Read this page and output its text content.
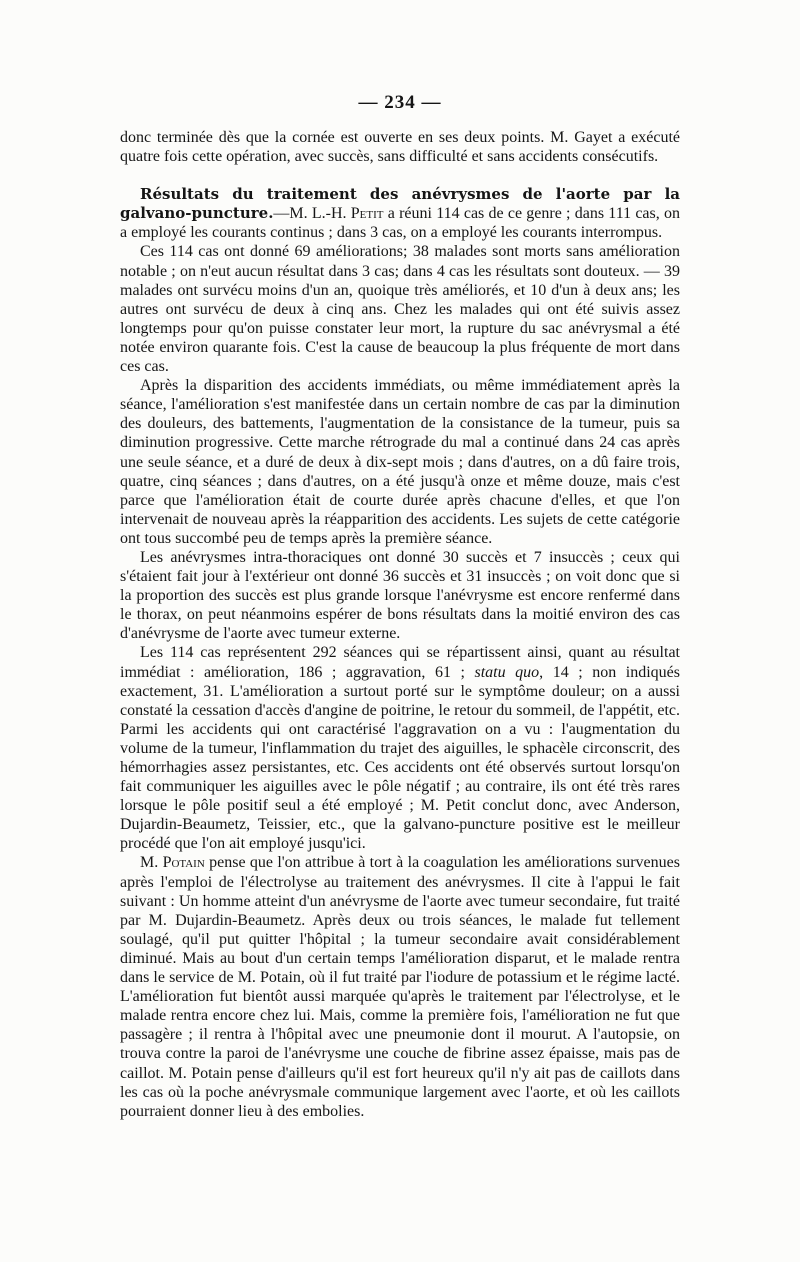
— 234 —

donc terminée dès que la cornée est ouverte en ses deux points. M. Gayet a exécuté quatre fois cette opération, avec succès, sans difficulté et sans accidents consécutifs.

Résultats du traitement des anévrysmes de l'aorte par la galvano-puncture.—M. L.-H. Petit a réuni 114 cas de ce genre ; dans 111 cas, on a employé les courants continus ; dans 3 cas, on a employé les courants interrompus.

Ces 114 cas ont donné 69 améliorations; 38 malades sont morts sans amélioration notable ; on n'eut aucun résultat dans 3 cas; dans 4 cas les résultats sont douteux. — 39 malades ont survécu moins d'un an, quoique très améliorés, et 10 d'un à deux ans; les autres ont survécu de deux à cinq ans. Chez les malades qui ont été suivis assez longtemps pour qu'on puisse constater leur mort, la rupture du sac anévrysmal a été notée environ quarante fois. C'est la cause de beaucoup la plus fréquente de mort dans ces cas.

Après la disparition des accidents immédiats, ou même immédiatement après la séance, l'amélioration s'est manifestée dans un certain nombre de cas par la diminution des douleurs, des battements, l'augmentation de la consistance de la tumeur, puis sa diminution progressive. Cette marche rétrograde du mal a continué dans 24 cas après une seule séance, et a duré de deux à dix-sept mois ; dans d'autres, on a dû faire trois, quatre, cinq séances ; dans d'autres, on a été jusqu'à onze et même douze, mais c'est parce que l'amélioration était de courte durée après chacune d'elles, et que l'on intervenait de nouveau après la réapparition des accidents. Les sujets de cette catégorie ont tous succombé peu de temps après la première séance.

Les anévrysmes intra-thoraciques ont donné 30 succès et 7 insuccès ; ceux qui s'étaient fait jour à l'extérieur ont donné 36 succès et 31 insuccès ; on voit donc que si la proportion des succès est plus grande lorsque l'anévrysme est encore renfermé dans le thorax, on peut néanmoins espérer de bons résultats dans la moitié environ des cas d'anévrysme de l'aorte avec tumeur externe.

Les 114 cas représentent 292 séances qui se répartissent ainsi, quant au résultat immédiat : amélioration, 186 ; aggravation, 61 ; statu quo, 14 ; non indiqués exactement, 31. L'amélioration a surtout porté sur le symptôme douleur; on a aussi constaté la cessation d'accès d'angine de poitrine, le retour du sommeil, de l'appétit, etc. Parmi les accidents qui ont caractérisé l'aggravation on a vu : l'augmentation du volume de la tumeur, l'inflammation du trajet des aiguilles, le sphacèle circonscrit, des hémorrhagies assez persistantes, etc. Ces accidents ont été observés surtout lorsqu'on fait communiquer les aiguilles avec le pôle négatif ; au contraire, ils ont été très rares lorsque le pôle positif seul a été employé ; M. Petit conclut donc, avec Anderson, Dujardin-Beaumetz, Teissier, etc., que la galvano-puncture positive est le meilleur procédé que l'on ait employé jusqu'ici.

M. Potain pense que l'on attribue à tort à la coagulation les améliorations survenues après l'emploi de l'électrolyse au traitement des anévrysmes. Il cite à l'appui le fait suivant : Un homme atteint d'un anévrysme de l'aorte avec tumeur secondaire, fut traité par M. Dujardin-Beaumetz. Après deux ou trois séances, le malade fut tellement soulagé, qu'il put quitter l'hôpital ; la tumeur secondaire avait considérablement diminué. Mais au bout d'un certain temps l'amélioration disparut, et le malade rentra dans le service de M. Potain, où il fut traité par l'iodure de potassium et le régime lacté. L'amélioration fut bientôt aussi marquée qu'après le traitement par l'électrolyse, et le malade rentra encore chez lui. Mais, comme la première fois, l'amélioration ne fut que passagère ; il rentra à l'hôpital avec une pneumonie dont il mourut. A l'autopsie, on trouva contre la paroi de l'anévrysme une couche de fibrine assez épaisse, mais pas de caillot. M. Potain pense d'ailleurs qu'il est fort heureux qu'il n'y ait pas de caillots dans les cas où la poche anévrysmale communique largement avec l'aorte, et où les caillots pourraient donner lieu à des embolies.
